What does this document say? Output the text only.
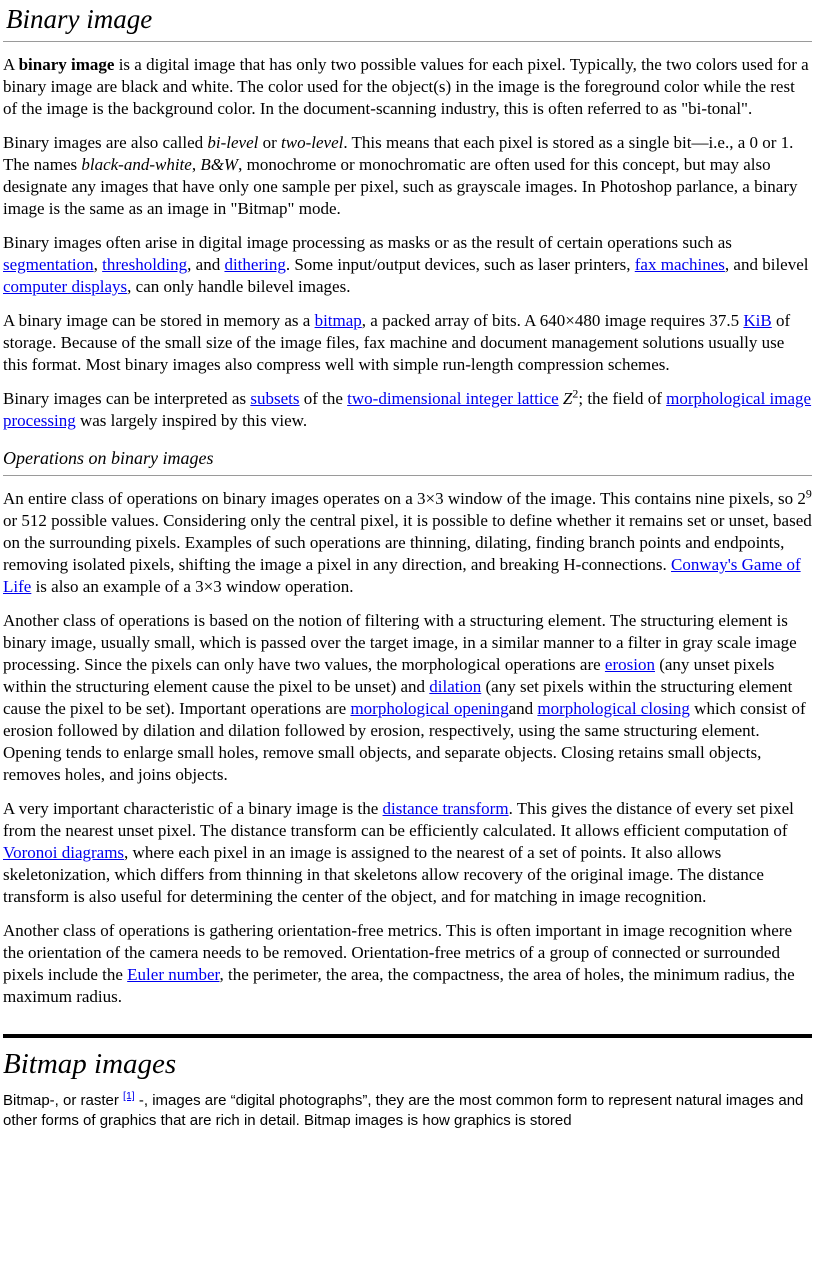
Binary image

A binary image is a digital image that has only two possible values for each pixel. Typically, the two colors used for a binary image are black and white. The color used for the object(s) in the image is the foreground color while the rest of the image is the background color. In the document-scanning industry, this is often referred to as "bi-tonal".

Binary images are also called bi-level or two-level. This means that each pixel is stored as a single bit—i.e., a 0 or 1. The names black-and-white, B&W, monochrome or monochromatic are often used for this concept, but may also designate any images that have only one sample per pixel, such as grayscale images. In Photoshop parlance, a binary image is the same as an image in "Bitmap" mode.

Binary images often arise in digital image processing as masks or as the result of certain operations such as segmentation, thresholding, and dithering. Some input/output devices, such as laser printers, fax machines, and bilevel computer displays, can only handle bilevel images.

A binary image can be stored in memory as a bitmap, a packed array of bits. A 640×480 image requires 37.5 KiB of storage. Because of the small size of the image files, fax machine and document management solutions usually use this format. Most binary images also compress well with simple run-length compression schemes.

Binary images can be interpreted as subsets of the two-dimensional integer lattice $Z^2$; the field of morphological image processing was largely inspired by this view.

Operations on binary images

An entire class of operations on binary images operates on a 3×3 window of the image. This contains nine pixels, so $2^9$ or 512 possible values. Considering only the central pixel, it is possible to define whether it remains set or unset, based on the surrounding pixels. Examples of such operations are thinning, dilating, finding branch points and endpoints, removing isolated pixels, shifting the image a pixel in any direction, and breaking H-connections. Conway's Game of Life is also an example of a 3×3 window operation.

Another class of operations is based on the notion of filtering with a structuring element. The structuring element is binary image, usually small, which is passed over the target image, in a similar manner to a filter in gray scale image processing. Since the pixels can only have two values, the morphological operations are erosion (any unset pixels within the structuring element cause the pixel to be unset) and dilation (any set pixels within the structuring element cause the pixel to be set). Important operations are morphological openingand morphological closing which consist of erosion followed by dilation and dilation followed by erosion, respectively, using the same structuring element. Opening tends to enlarge small holes, remove small objects, and separate objects. Closing retains small objects, removes holes, and joins objects.

A very important characteristic of a binary image is the distance transform. This gives the distance of every set pixel from the nearest unset pixel. The distance transform can be efficiently calculated. It allows efficient computation of Voronoi diagrams, where each pixel in an image is assigned to the nearest of a set of points. It also allows skeletonization, which differs from thinning in that skeletons allow recovery of the original image. The distance transform is also useful for determining the center of the object, and for matching in image recognition.

Another class of operations is gathering orientation-free metrics. This is often important in image recognition where the orientation of the camera needs to be removed. Orientation-free metrics of a group of connected or surrounded pixels include the Euler number, the perimeter, the area, the compactness, the area of holes, the minimum radius, the maximum radius.

Bitmap images

Bitmap-, or raster [1] -, images are “digital photographs”, they are the most common form to represent natural images and other forms of graphics that are rich in detail. Bitmap images is how graphics is stored
